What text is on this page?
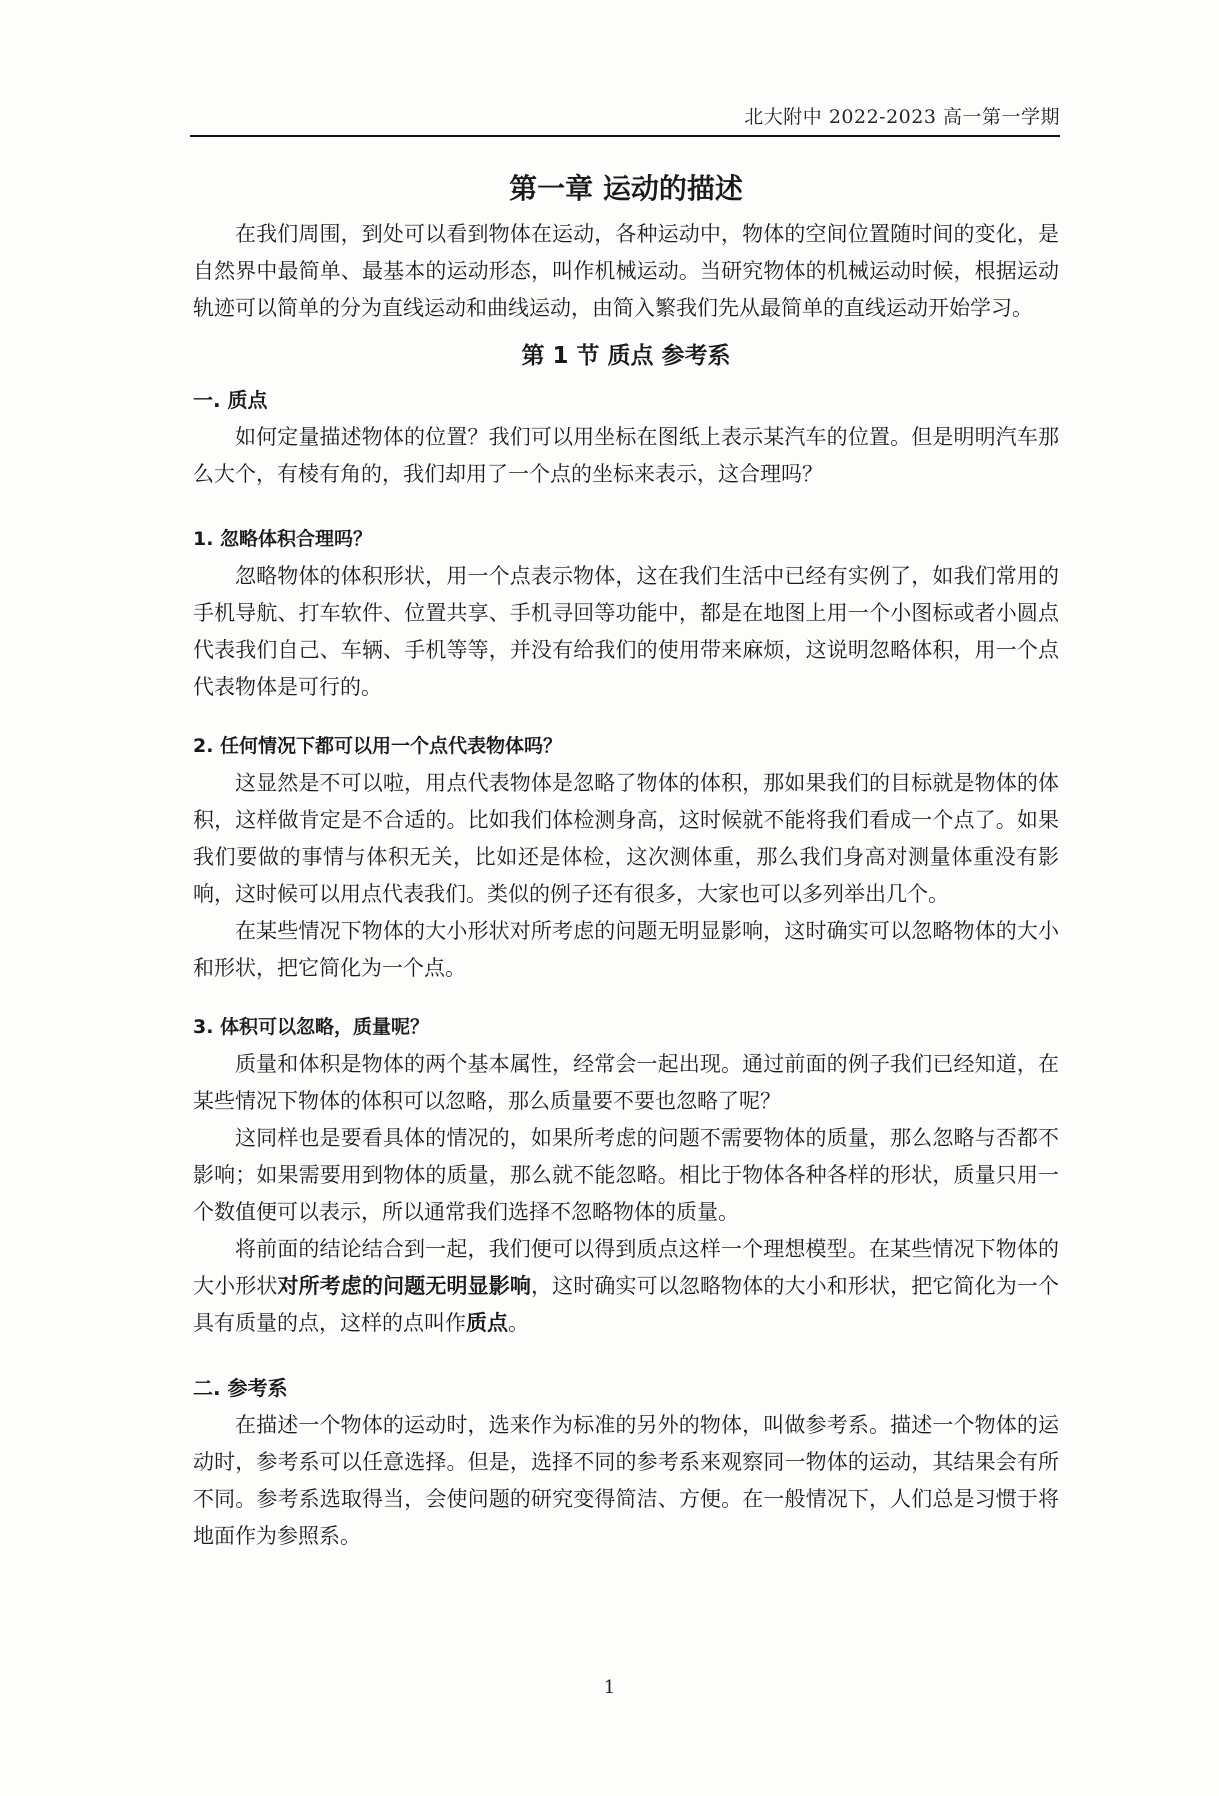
北大附中 2022-2023 高一第一学期
第一章 运动的描述

在我们周围，到处可以看到物体在运动，各种运动中，物体的空间位置随时间的变化，是自然界中最简单、最基本的运动形态，叫作机械运动。当研究物体的机械运动时候，根据运动轨迹可以简单的分为直线运动和曲线运动，由简入繁我们先从最简单的直线运动开始学习。

第 1 节 质点 参考系
一. 质点

如何定量描述物体的位置？我们可以用坐标在图纸上表示某汽车的位置。但是明明汽车那么大个，有棱有角的，我们却用了一个点的坐标来表示，这合理吗？

1. 忽略体积合理吗？

忽略物体的体积形状，用一个点表示物体，这在我们生活中已经有实例了，如我们常用的手机导航、打车软件、位置共享、手机寻回等功能中，都是在地图上用一个小图标或者小圆点代表我们自己、车辆、手机等等，并没有给我们的使用带来麻烦，这说明忽略体积，用一个点代表物体是可行的。

2. 任何情况下都可以用一个点代表物体吗？

这显然是不可以啦，用点代表物体是忽略了物体的体积，那如果我们的目标就是物体的体积，这样做肯定是不合适的。比如我们体检测身高，这时候就不能将我们看成一个点了。如果我们要做的事情与体积无关，比如还是体检，这次测体重，那么我们身高对测量体重没有影响，这时候可以用点代表我们。类似的例子还有很多，大家也可以多列举出几个。

在某些情况下物体的大小形状对所考虑的问题无明显影响，这时确实可以忽略物体的大小和形状，把它简化为一个点。

3. 体积可以忽略，质量呢？

质量和体积是物体的两个基本属性，经常会一起出现。通过前面的例子我们已经知道，在某些情况下物体的体积可以忽略，那么质量要不要也忽略了呢？

这同样也是要看具体的情况的，如果所考虑的问题不需要物体的质量，那么忽略与否都不影响；如果需要用到物体的质量，那么就不能忽略。相比于物体各种各样的形状，质量只用一个数值便可以表示，所以通常我们选择不忽略物体的质量。

将前面的结论结合到一起，我们便可以得到质点这样一个理想模型。在某些情况下物体的大小形状对所考虑的问题无明显影响，这时确实可以忽略物体的大小和形状，把它简化为一个具有质量的点，这样的点叫作质点。

二. 参考系

在描述一个物体的运动时，选来作为标准的另外的物体，叫做参考系。描述一个物体的运动时，参考系可以任意选择。但是，选择不同的参考系来观察同一物体的运动，其结果会有所不同。参考系选取得当，会使问题的研究变得简洁、方便。在一般情况下，人们总是习惯于将地面作为参照系。

1
